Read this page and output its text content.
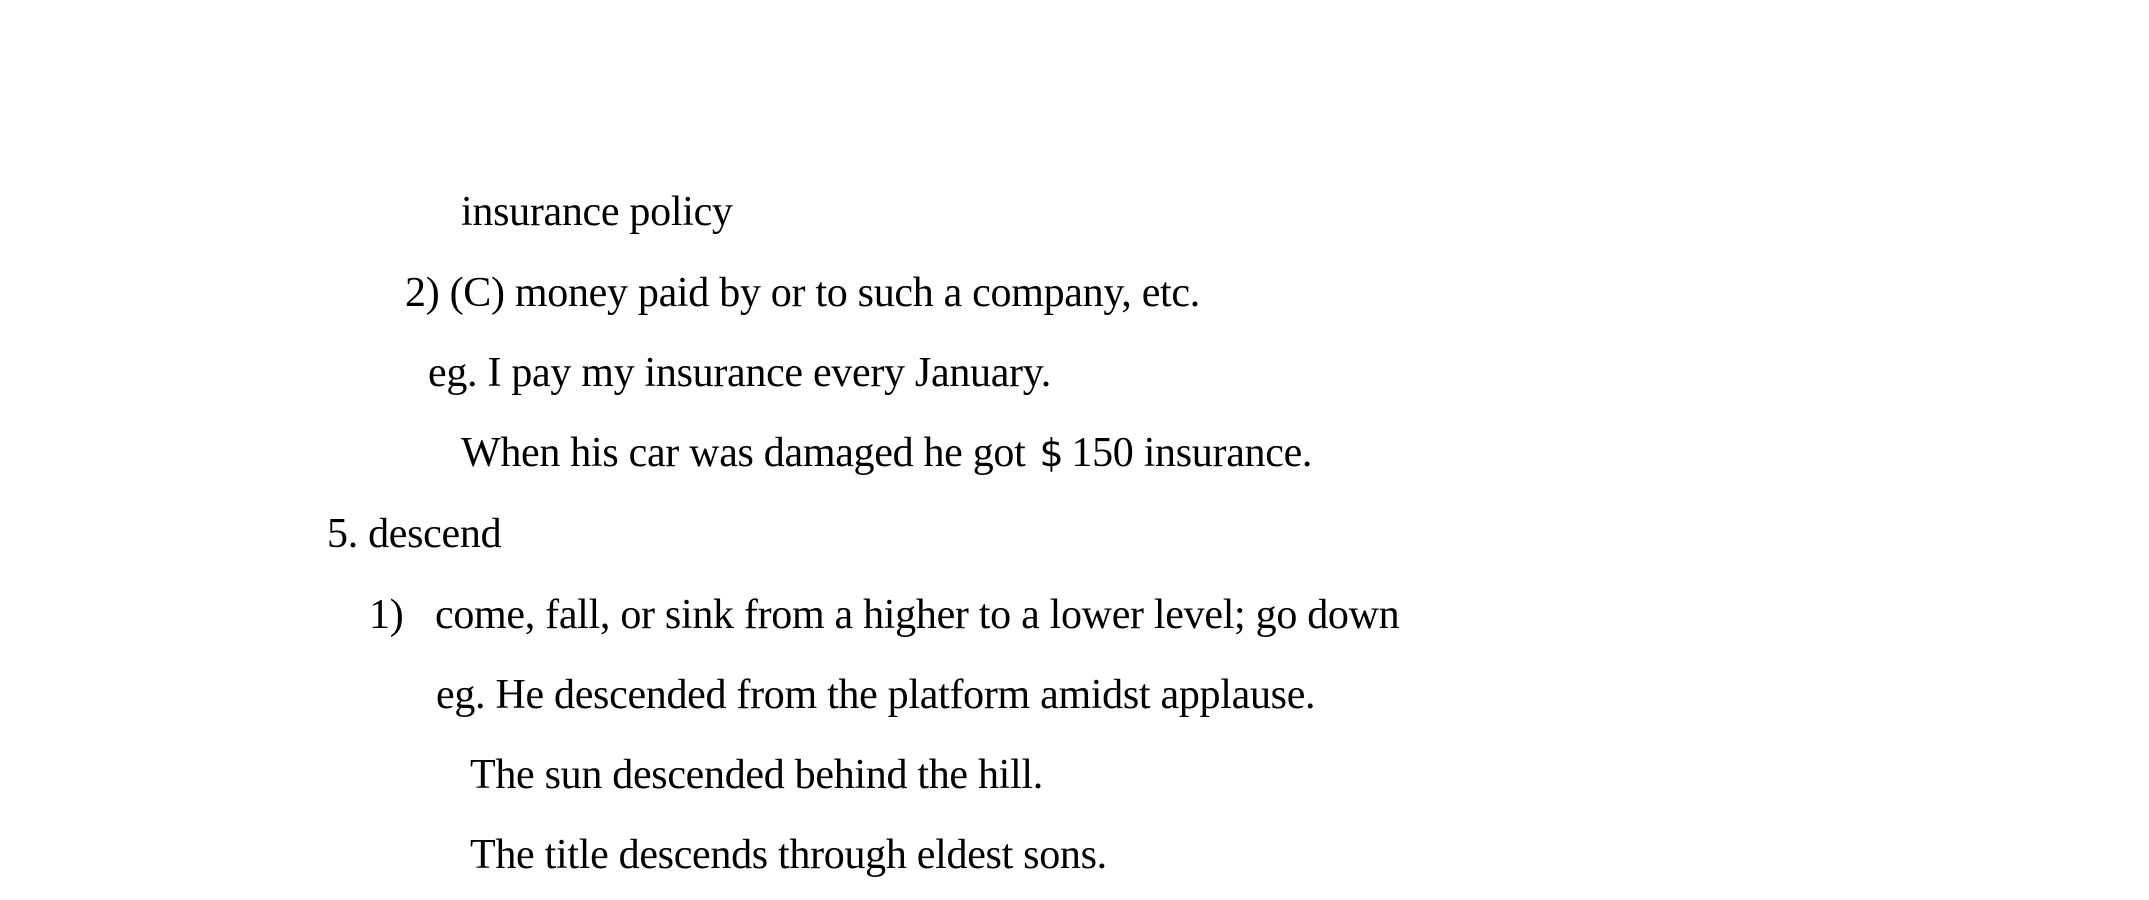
insurance policy
2) (C) money paid by or to such a company, etc.
eg. I pay my insurance every January.
When his car was damaged he got $ 150 insurance.
5. descend
1) come, fall, or sink from a higher to a lower level; go down
eg. He descended from the platform amidst applause.
The sun descended behind the hill.
The title descends through eldest sons.
